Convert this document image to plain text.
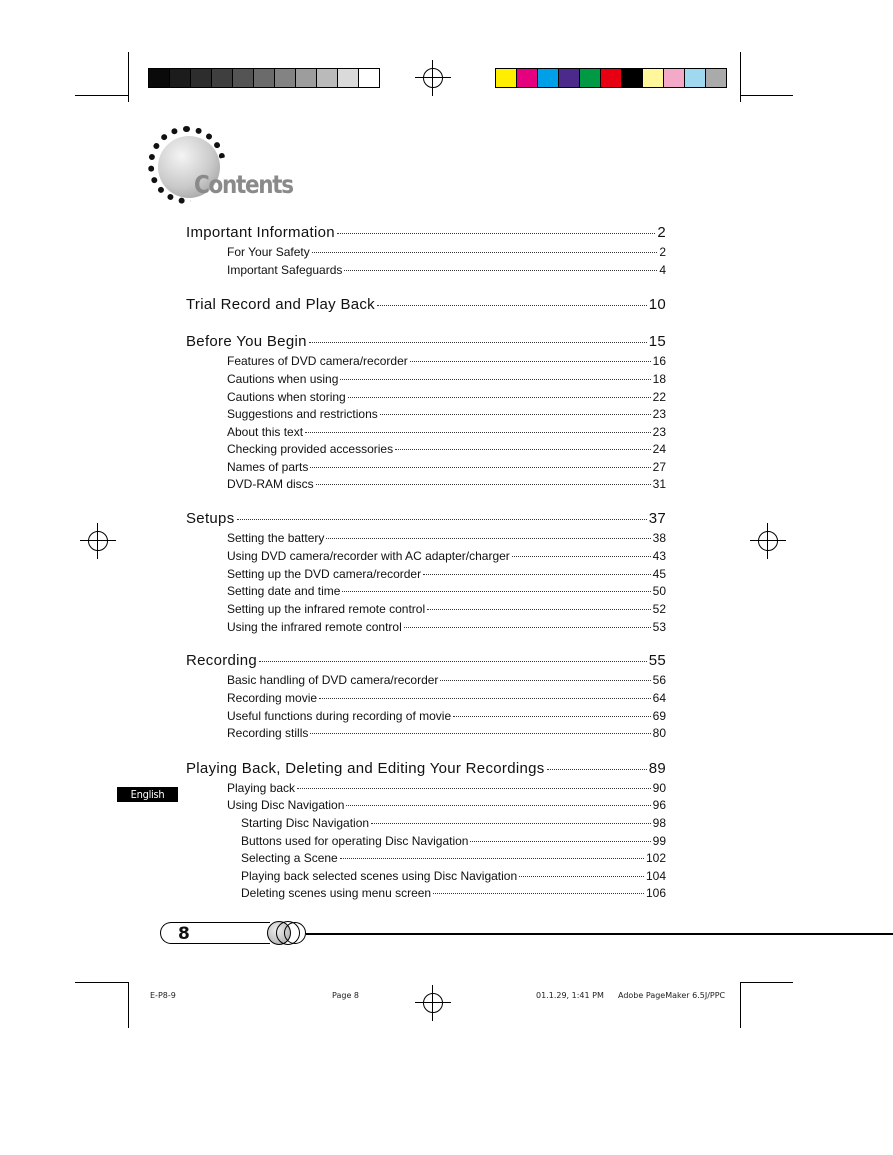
Contents
Important Information	2
For Your Safety	2
Important Safeguards	4
Trial Record and Play Back	10
Before You Begin	15
Features of DVD camera/recorder	16
Cautions when using	18
Cautions when storing	22
Suggestions and restrictions	23
About this text	23
Checking provided accessories	24
Names of parts	27
DVD-RAM discs	31
Setups	37
Setting the battery	38
Using DVD camera/recorder with AC adapter/charger	43
Setting up the DVD camera/recorder	45
Setting date and time	50
Setting up the infrared remote control	52
Using the infrared remote control	53
Recording	55
Basic handling of DVD camera/recorder	56
Recording movie	64
Useful functions during recording of movie	69
Recording stills	80
Playing Back, Deleting and Editing Your Recordings	89
Playing back	90
Using Disc Navigation	96
Starting Disc Navigation	98
Buttons used for operating Disc Navigation	99
Selecting a Scene	102
Playing back selected scenes using Disc Navigation	104
Deleting scenes using menu screen	106
English
8
E-P8-9	Page 8	01.1.29, 1:41 PM Adobe PageMaker 6.5J/PPC
